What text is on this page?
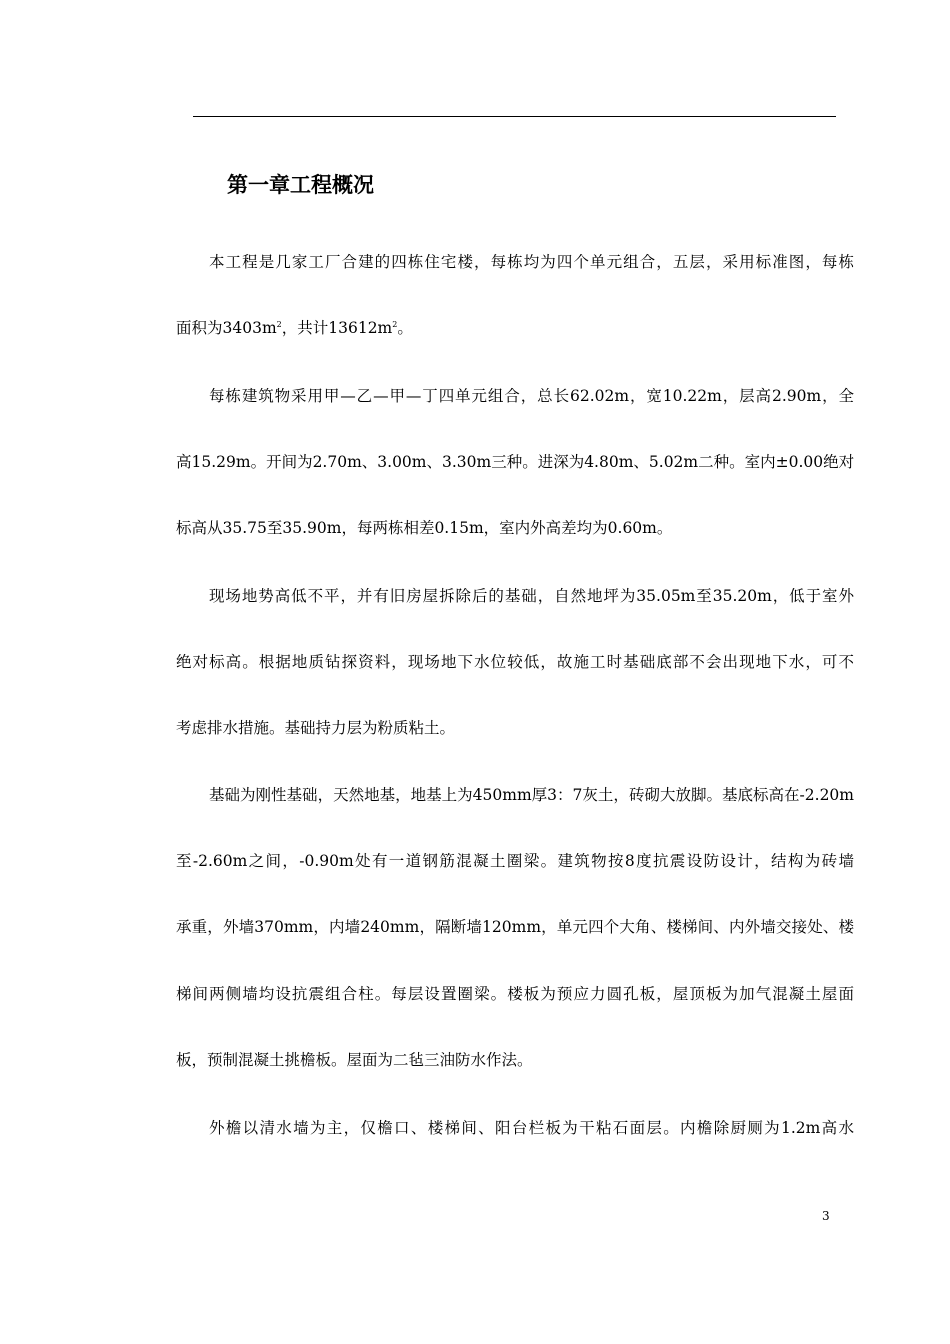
第一章工程概况
本工程是几家工厂合建的四栋住宅楼，每栋均为四个单元组合，五层，采用标准图，每栋
面积为$3403m^2$，共计$13612m^2$。
每栋建筑物采用甲—乙—甲—丁四单元组合，总长62.02m，宽10.22m，层高2.90m，全
高15.29m。开间为2.70m、3.00m、3.30m三种。进深为4.80m、5.02m二种。室内±0.00绝对
标高从35.75至35.90m，每两栋相差0.15m，室内外高差均为0.60m。
现场地势高低不平，并有旧房屋拆除后的基础，自然地坪为35.05m至35.20m，低于室外
绝对标高。根据地质钻探资料，现场地下水位较低，故施工时基础底部不会出现地下水，可不
考虑排水措施。基础持力层为粉质粘土。
基础为刚性基础，天然地基，地基上为450mm厚3：7灰土，砖砌大放脚。基底标高在-2.20m
至-2.60m之间，-0.90m处有一道钢筋混凝土圈梁。建筑物按8度抗震设防设计，结构为砖墙
承重，外墙370mm，内墙240mm，隔断墙120mm，单元四个大角、楼梯间、内外墙交接处、楼
梯间两侧墙均设抗震组合柱。每层设置圈梁。楼板为预应力圆孔板，屋顶板为加气混凝土屋面
板，预制混凝土挑檐板。屋面为二毡三油防水作法。
外檐以清水墙为主，仅檐口、楼梯间、阳台栏板为干粘石面层。内檐除厨厕为1.2m高水
3
